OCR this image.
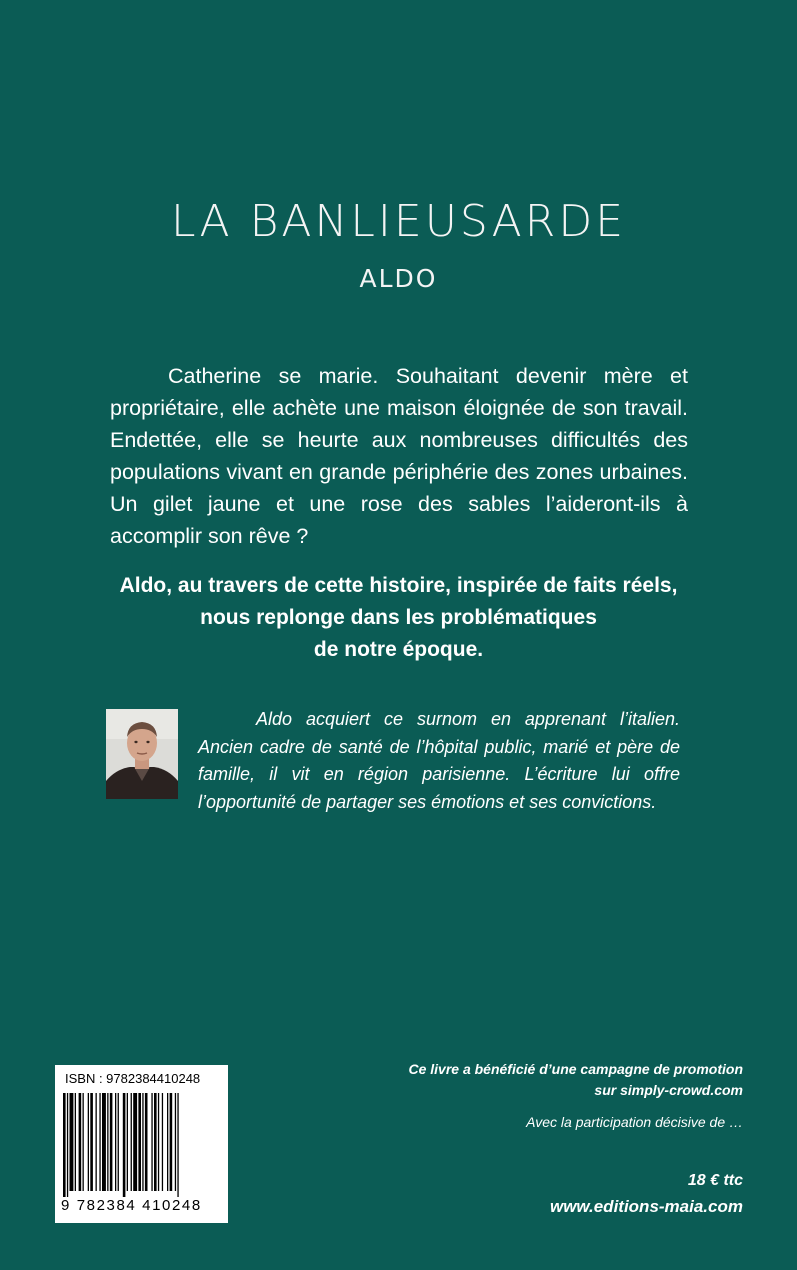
LA BANLIEUSARDE
ALDO

Catherine se marie. Souhaitant devenir mère et propriétaire, elle achète une maison éloignée de son travail. Endettée, elle se heurte aux nombreuses difficultés des populations vivant en grande périphérie des zones urbaines. Un gilet jaune et une rose des sables l’aideront-ils à accomplir son rêve ?

Aldo, au travers de cette histoire, inspirée de faits réels,
nous replonge dans les problématiques
de notre époque.

Aldo acquiert ce surnom en apprenant l’italien. Ancien cadre de santé de l’hôpital public, marié et père de famille, il vit en région parisienne. L’écriture lui offre l’opportunité de partager ses émotions et ses convictions.

ISBN : 9782384410248
9 782384 410248

Ce livre a bénéficié d’une campagne de promotion
sur simply-crowd.com

Avec la participation décisive de …
18 € ttc
www.editions-maia.com
